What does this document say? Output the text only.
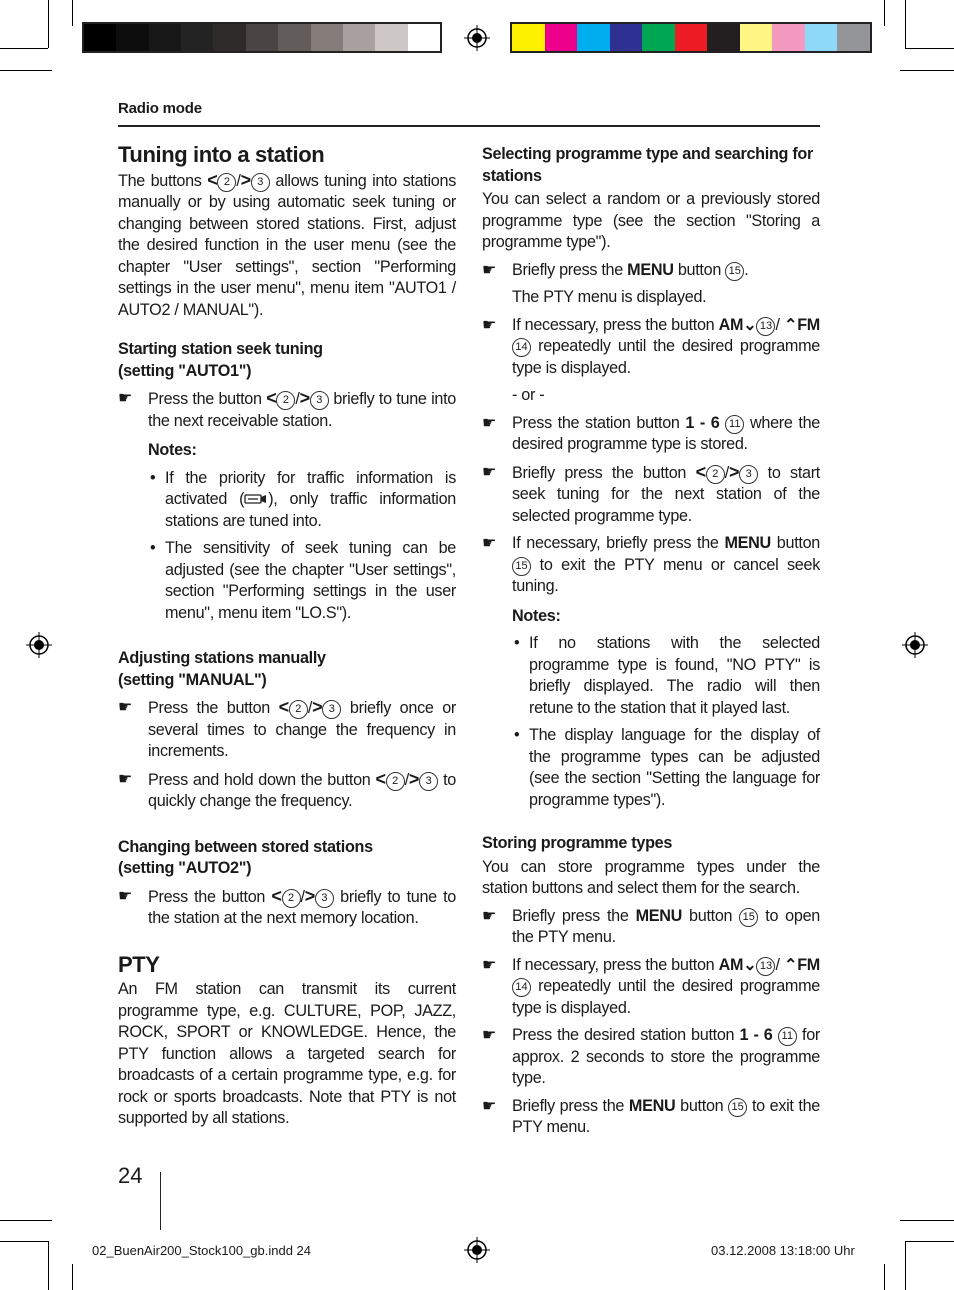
Radio mode
Tuning into a station

The buttons < 2 /> 3 allows tuning into stations manually or by using automatic seek tuning or changing between stored stations. First, adjust the desired function in the user menu (see the chapter "User settings", section "Performing settings in the user menu", menu item "AUTO1 / AUTO2 / MANUAL").

Starting station seek tuning
(setting "AUTO1")
☛ Press the button < 2 /> 3 briefly to tune into the next receivable station.
Notes:
• If the priority for traffic information is activated ( ), only traffic information stations are tuned into.
• The sensitivity of seek tuning can be adjusted (see the chapter "User settings", section "Performing settings in the user menu", menu item "LO.S").
Adjusting stations manually
(setting "MANUAL")
☛ Press the button < 2 /> 3 briefly once or several times to change the frequency in increments.
☛ Press and hold down the button < 2 /> 3 to quickly change the frequency.
Changing between stored stations
(setting "AUTO2")
☛ Press the button < 2 /> 3 briefly to tune to the station at the next memory location.
PTY

An FM station can transmit its current programme type, e.g. CULTURE, POP, JAZZ, ROCK, SPORT or KNOWLEDGE. Hence, the PTY function allows a targeted search for broadcasts of a certain programme type, e.g. for rock or sports broadcasts. Note that PTY is not supported by all stations.

Selecting programme type and searching for stations

You can select a random or a previously stored programme type (see the section "Storing a programme type").

☛ Briefly press the MENU button 15 .
The PTY menu is displayed.
☛ If necessary, press the button AM⌄ 13 / ⌃FM 14 repeatedly until the desired programme type is displayed.
- or -
☛ Press the station button 1 - 6 11 where the desired programme type is stored.
☛ Briefly press the button < 2 /> 3 to start seek tuning for the next station of the selected programme type.
☛ If necessary, briefly press the MENU button 15 to exit the PTY menu or cancel seek tuning.
Notes:
• If no stations with the selected programme type is found, "NO PTY" is briefly displayed. The radio will then retune to the station that it played last.
• The display language for the display of the programme types can be adjusted (see the section "Setting the language for programme types").
Storing programme types

You can store programme types under the station buttons and select them for the search.

☛ Briefly press the MENU button 15 to open the PTY menu.
☛ If necessary, press the button AM⌄ 13 / ⌃FM 14 repeatedly until the desired programme type is displayed.
☛ Press the desired station button 1 - 6 11 for approx. 2 seconds to store the programme type.
☛ Briefly press the MENU button 15 to exit the PTY menu.
24
02_BuenAir200_Stock100_gb.indd 24	03.12.2008 13:18:00 Uhr
